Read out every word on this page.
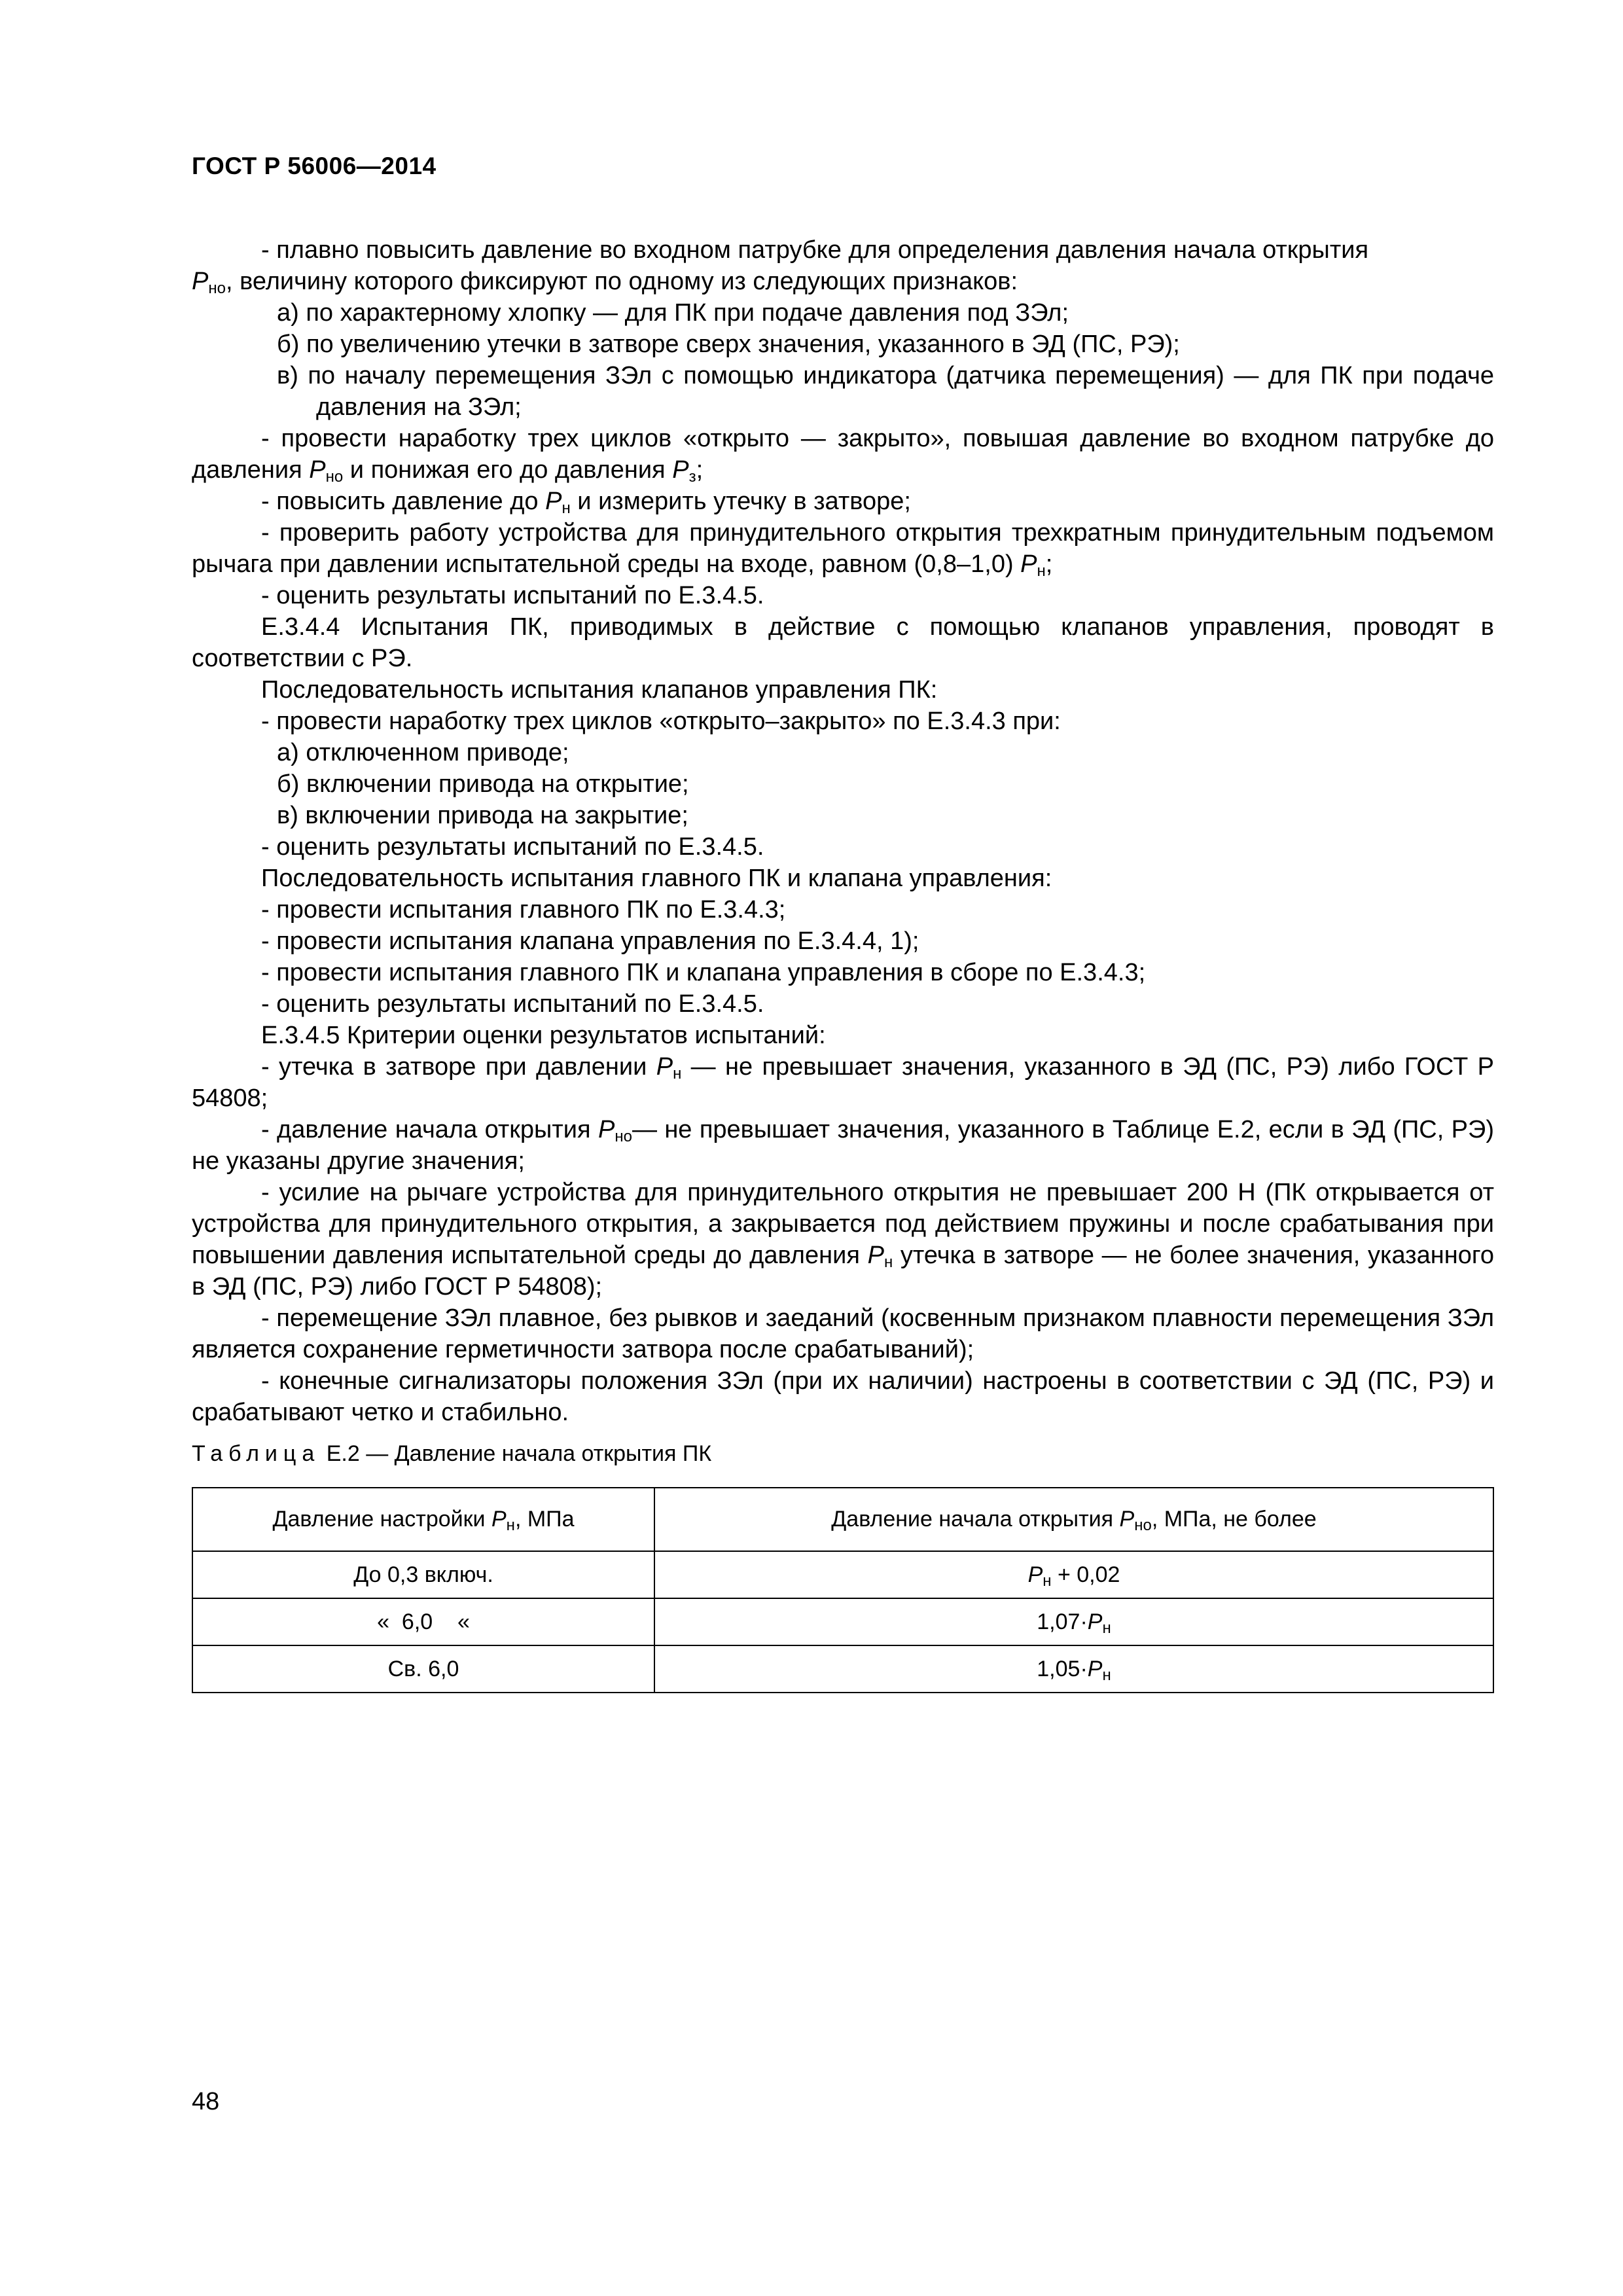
ГОСТ Р 56006—2014

- плавно повысить давление во входном патрубке для определения давления начала открытия
$P_{но}$, величину которого фиксируют по одному из следующих признаков:

а) по характерному хлопку — для ПК при подаче давления под ЗЭл;

б) по увеличению утечки в затворе сверх значения, указанного в ЭД (ПС, РЭ);

в) по началу перемещения ЗЭл с помощью индикатора (датчика перемещения) — для ПК при подаче давления на ЗЭл;

- провести наработку трех циклов «открыто — закрыто», повышая давление во входном патрубке до давления $P_{но}$ и понижая его до давления $P_з$;

- повысить давление до $P_н$ и измерить утечку в затворе;

- проверить работу устройства для принудительного открытия трехкратным принудительным подъемом рычага при давлении испытательной среды на входе, равном (0,8–1,0) $P_н$;

- оценить результаты испытаний по Е.3.4.5.

Е.3.4.4 Испытания ПК, приводимых в действие с помощью клапанов управления, проводят в соответствии с РЭ.

Последовательность испытания клапанов управления ПК:

- провести наработку трех циклов «открыто–закрыто» по Е.3.4.3 при:

а) отключенном приводе;

б) включении привода на открытие;

в) включении привода на закрытие;

- оценить результаты испытаний по Е.3.4.5.

Последовательность испытания главного ПК и клапана управления:

- провести испытания главного ПК по Е.3.4.3;

- провести испытания клапана управления по Е.3.4.4, 1);

- провести испытания главного ПК и клапана управления в сборе по Е.3.4.3;

- оценить результаты испытаний по Е.3.4.5.

Е.3.4.5 Критерии оценки результатов испытаний:

- утечка в затворе при давлении $P_н$ — не превышает значения, указанного в ЭД (ПС, РЭ) либо ГОСТ Р 54808;

- давление начала открытия $P_{но}—$ не превышает значения, указанного в Таблице Е.2, если в ЭД (ПС, РЭ) не указаны другие значения;

- усилие на рычаге устройства для принудительного открытия не превышает 200 Н (ПК открывается от устройства для принудительного открытия, а закрывается под действием пружины и после срабатывания при повышении давления испытательной среды до давления $P_н$ утечка в затворе — не более значения, указанного в ЭД (ПС, РЭ) либо ГОСТ Р 54808);

- перемещение ЗЭл плавное, без рывков и заеданий (косвенным признаком плавности перемещения ЗЭл является сохранение герметичности затвора после срабатываний);

- конечные сигнализаторы положения ЗЭл (при их наличии) настроены в соответствии с ЭД (ПС, РЭ) и срабатывают четко и стабильно.

Таблица Е.2 — Давление начала открытия ПК
Давление настройки $P_н$, МПа	Давление начала открытия $P_{но}$, МПа, не более
До 0,3 включ.	$P_н + 0,02$
«  6,0    «	$1,07\cdot P_н$
Св. 6,0	$1,05\cdot P_н$
48
